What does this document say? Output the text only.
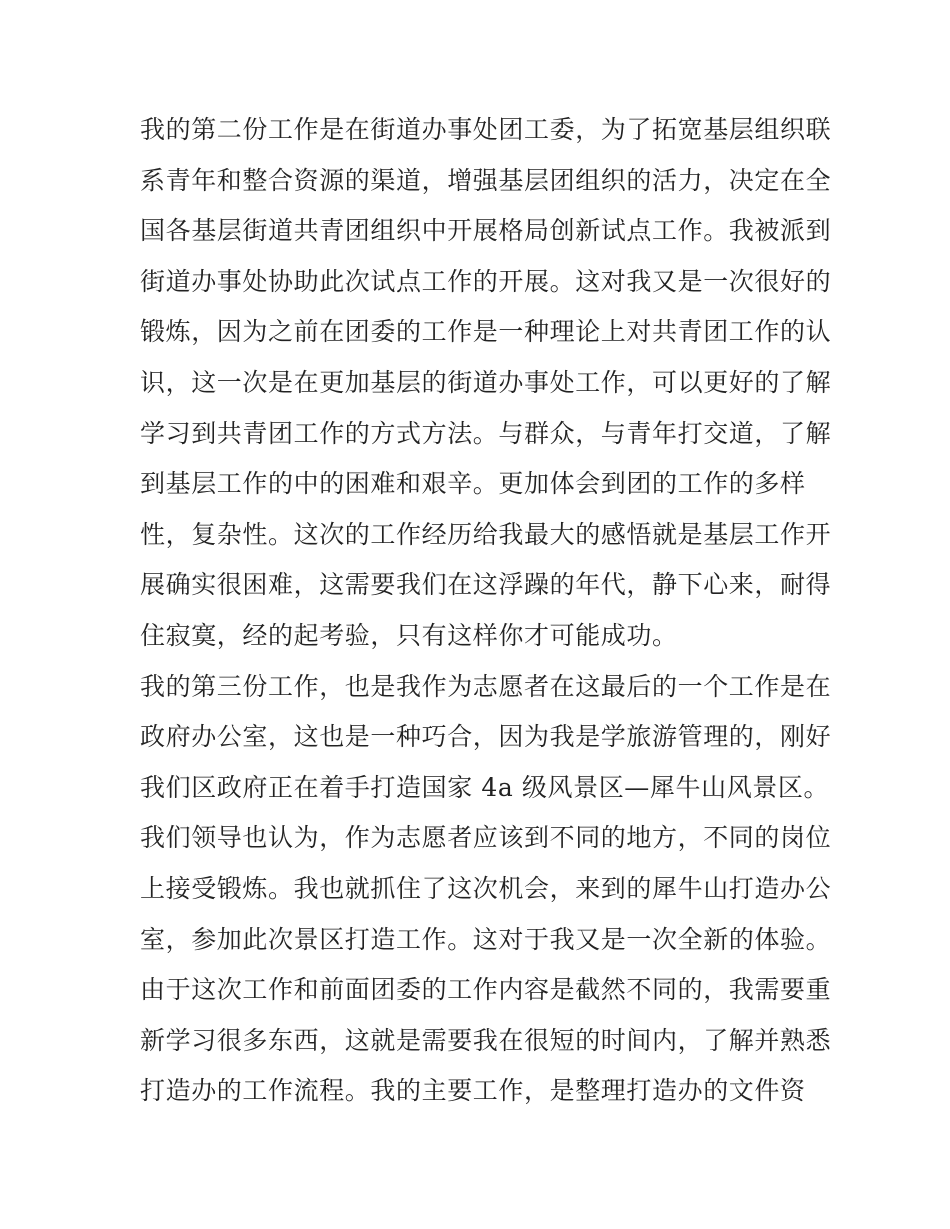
我的第二份工作是在街道办事处团工委，为了拓宽基层组织联
系青年和整合资源的渠道，增强基层团组织的活力，决定在全
国各基层街道共青团组织中开展格局创新试点工作。我被派到
街道办事处协助此次试点工作的开展。这对我又是一次很好的
锻炼，因为之前在团委的工作是一种理论上对共青团工作的认
识，这一次是在更加基层的街道办事处工作，可以更好的了解
学习到共青团工作的方式方法。与群众，与青年打交道，了解
到基层工作的中的困难和艰辛。更加体会到团的工作的多样
性，复杂性。这次的工作经历给我最大的感悟就是基层工作开
展确实很困难，这需要我们在这浮躁的年代，静下心来，耐得
住寂寞，经的起考验，只有这样你才可能成功。
我的第三份工作，也是我作为志愿者在这最后的一个工作是在
政府办公室，这也是一种巧合，因为我是学旅游管理的，刚好
我们区政府正在着手打造国家 4a 级风景区—犀牛山风景区。
我们领导也认为，作为志愿者应该到不同的地方，不同的岗位
上接受锻炼。我也就抓住了这次机会，来到的犀牛山打造办公
室，参加此次景区打造工作。这对于我又是一次全新的体验。
由于这次工作和前面团委的工作内容是截然不同的，我需要重
新学习很多东西，这就是需要我在很短的时间内，了解并熟悉
打造办的工作流程。我的主要工作，是整理打造办的文件资
